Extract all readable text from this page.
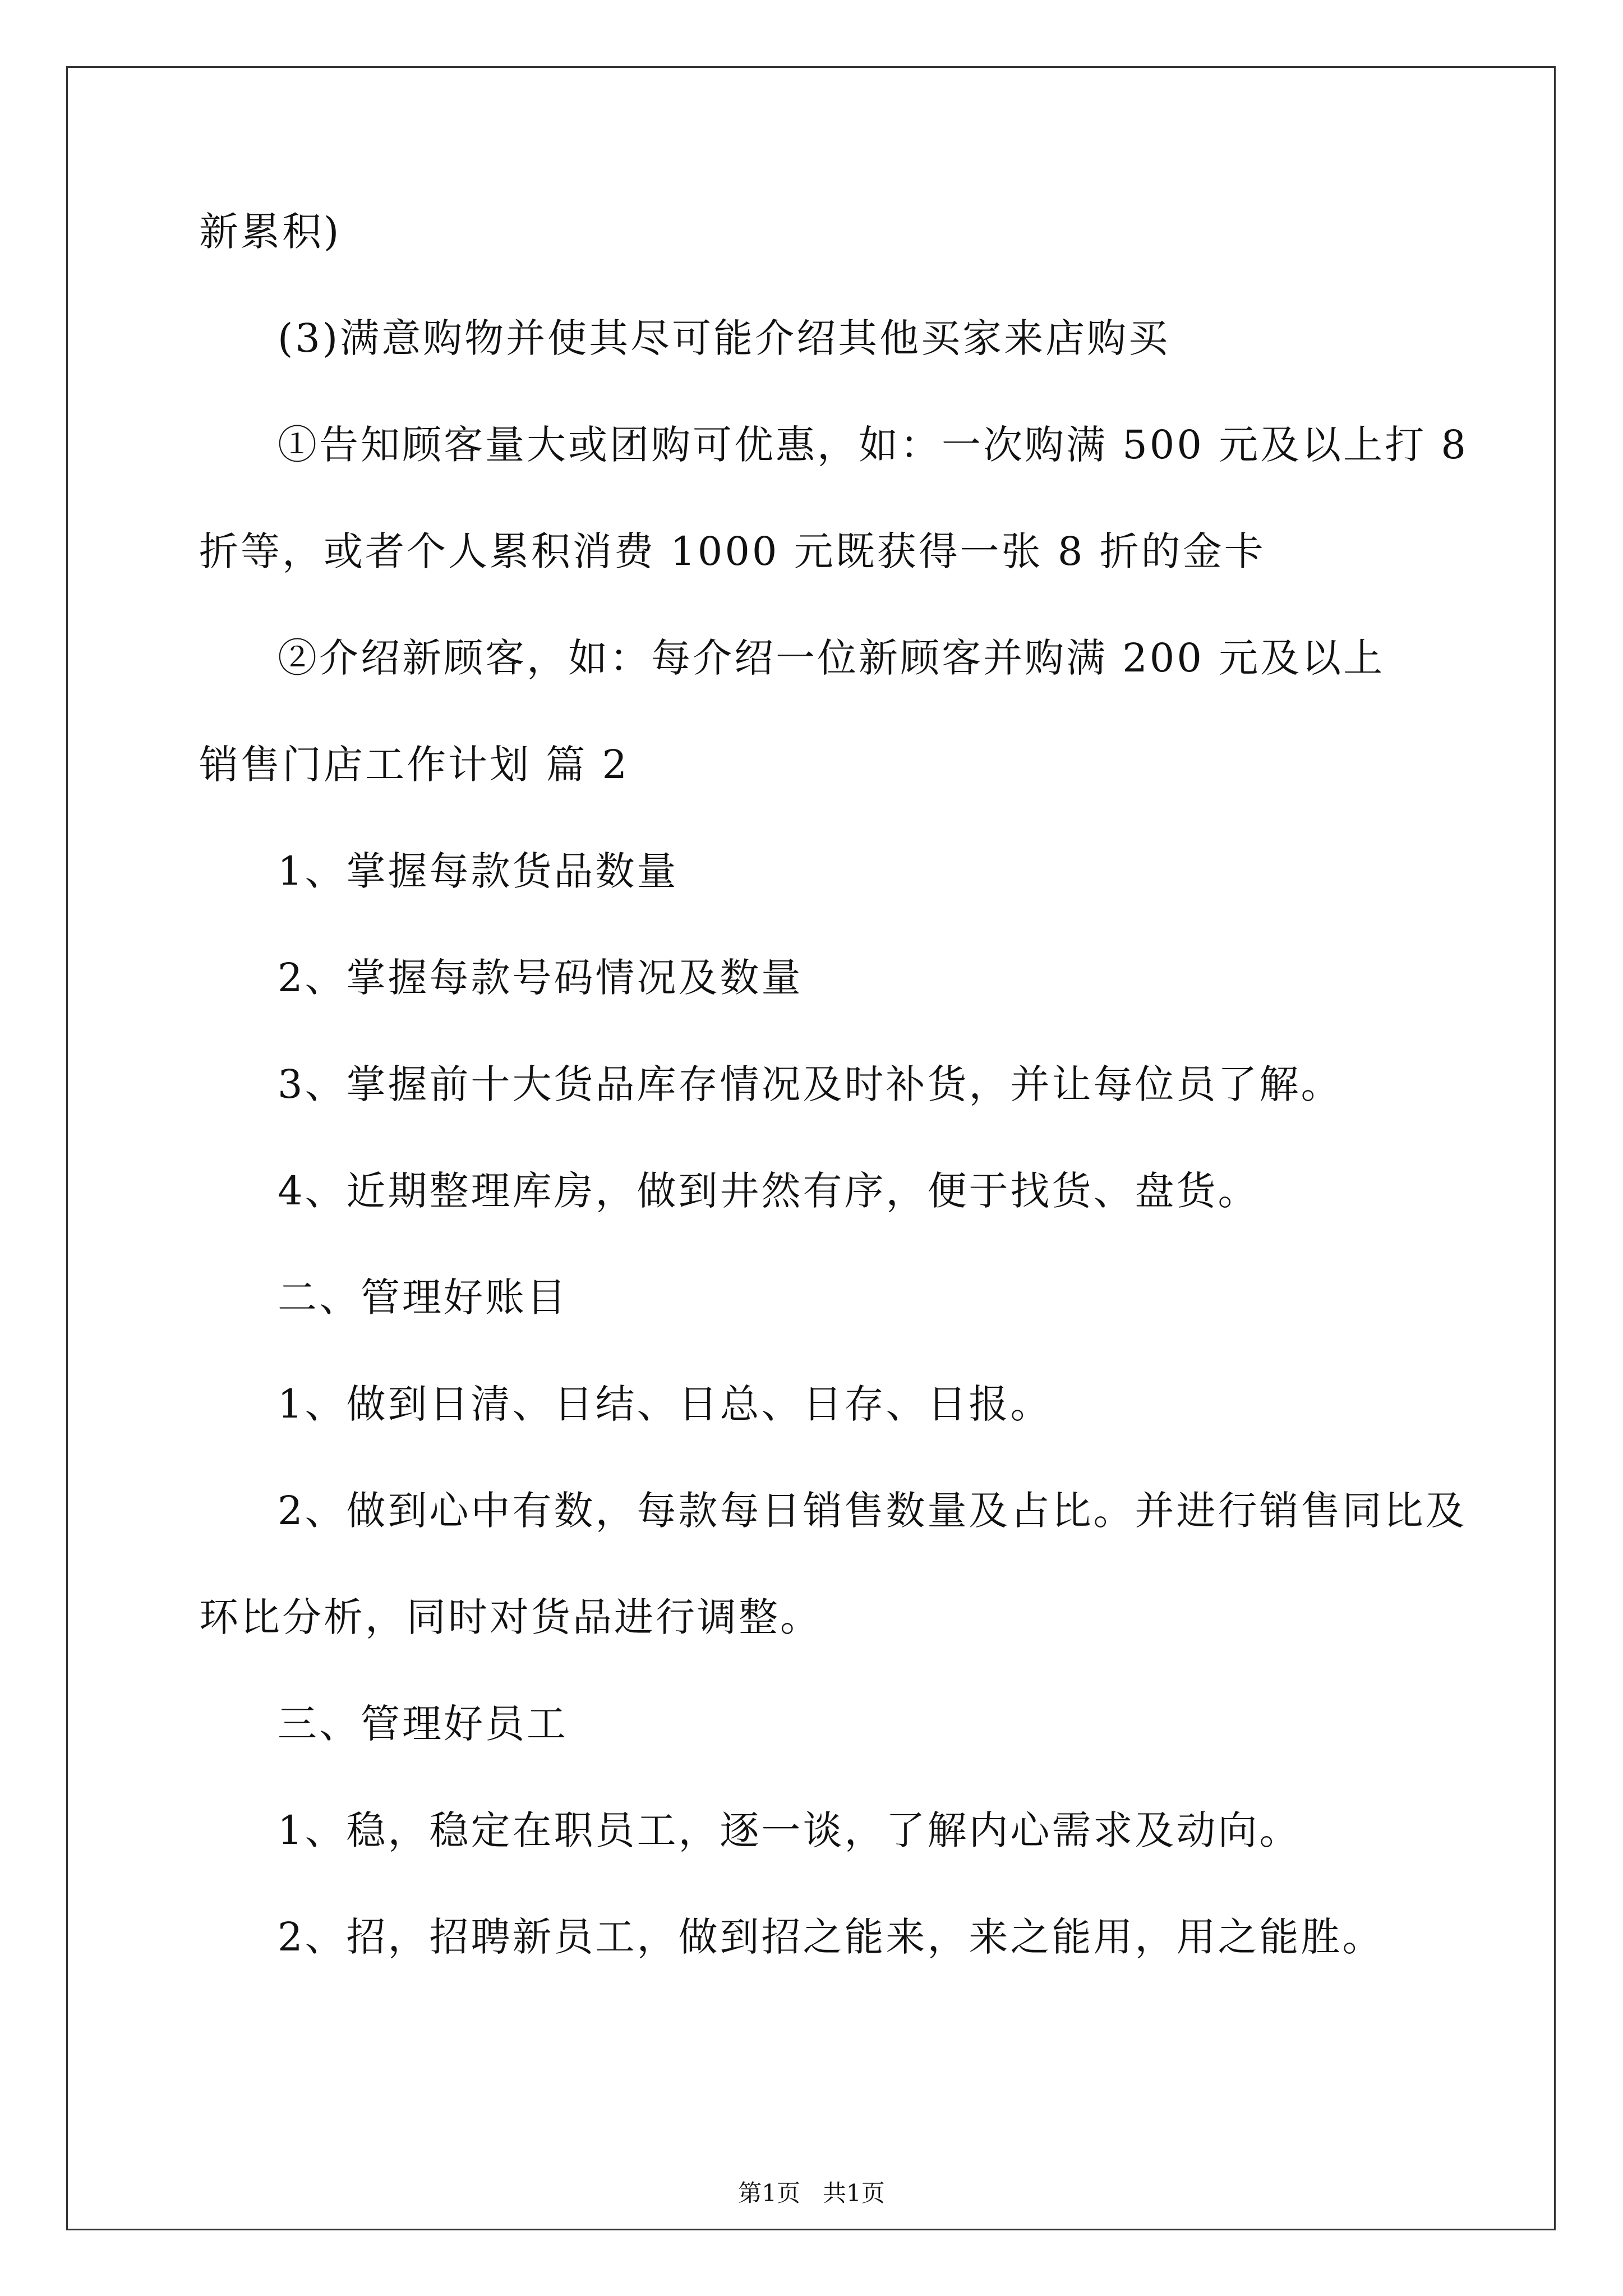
新累积)
(3)满意购物并使其尽可能介绍其他买家来店购买
①告知顾客量大或团购可优惠，如：一次购满 500 元及以上打 8
折等，或者个人累积消费 1000 元既获得一张 8 折的金卡
②介绍新顾客，如：每介绍一位新顾客并购满 200 元及以上
销售门店工作计划 篇 2
1、掌握每款货品数量
2、掌握每款号码情况及数量
3、掌握前十大货品库存情况及时补货，并让每位员了解。
4、近期整理库房，做到井然有序，便于找货、盘货。
二、管理好账目
1、做到日清、日结、日总、日存、日报。
2、做到心中有数，每款每日销售数量及占比。并进行销售同比及
环比分析，同时对货品进行调整。
三、管理好员工
1、稳，稳定在职员工，逐一谈，了解内心需求及动向。
2、招，招聘新员工，做到招之能来，来之能用，用之能胜。
第1页   共1页
